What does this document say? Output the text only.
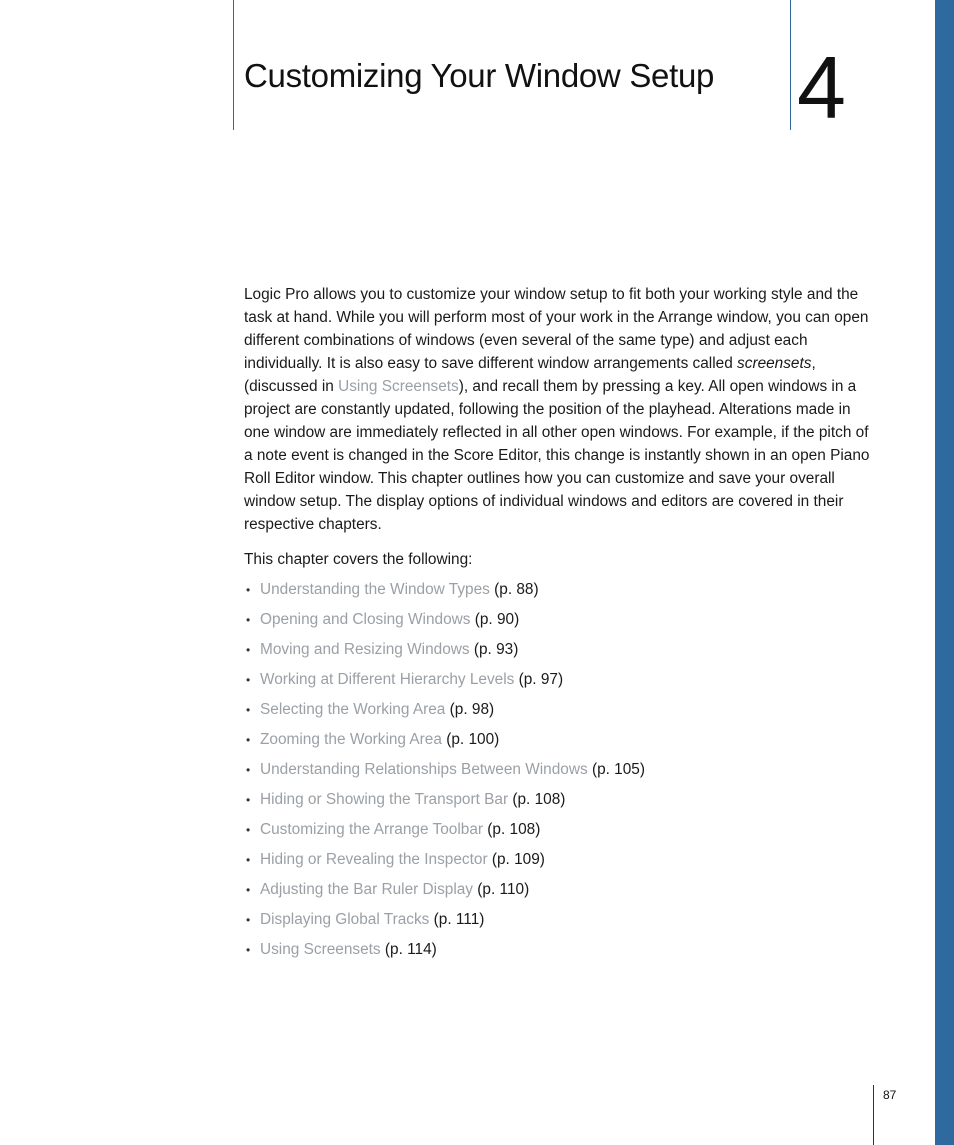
Customizing Your Window Setup 4

Logic Pro allows you to customize your window setup to fit both your working style and the task at hand. While you will perform most of your work in the Arrange window, you can open different combinations of windows (even several of the same type) and adjust each individually. It is also easy to save different window arrangements called screensets, (discussed in Using Screensets), and recall them by pressing a key. All open windows in a project are constantly updated, following the position of the playhead. Alterations made in one window are immediately reflected in all other open windows. For example, if the pitch of a note event is changed in the Score Editor, this change is instantly shown in an open Piano Roll Editor window. This chapter outlines how you can customize and save your overall window setup. The display options of individual windows and editors are covered in their respective chapters.

This chapter covers the following:

• Understanding the Window Types (p. 88)
• Opening and Closing Windows (p. 90)
• Moving and Resizing Windows (p. 93)
• Working at Different Hierarchy Levels (p. 97)
• Selecting the Working Area (p. 98)
• Zooming the Working Area (p. 100)
• Understanding Relationships Between Windows (p. 105)
• Hiding or Showing the Transport Bar (p. 108)
• Customizing the Arrange Toolbar (p. 108)
• Hiding or Revealing the Inspector (p. 109)
• Adjusting the Bar Ruler Display (p. 110)
• Displaying Global Tracks (p. 111)
• Using Screensets (p. 114)
87
